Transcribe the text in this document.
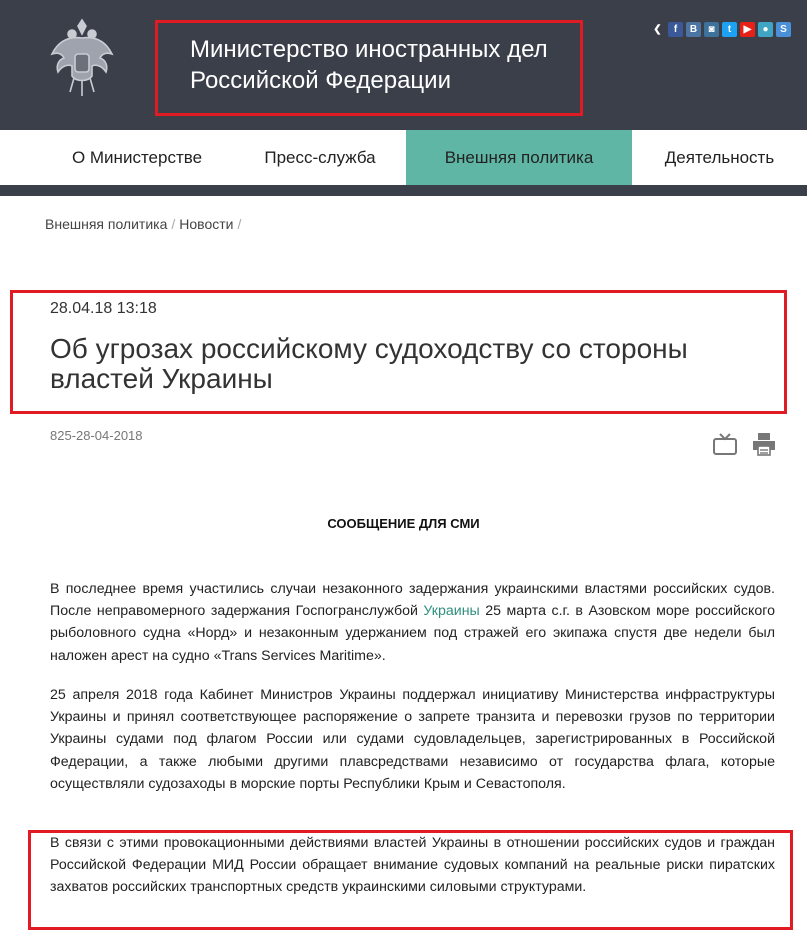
Министерство иностранных дел Российской Федерации
❮	f	B	◙	t	▶	●	S
О Министерстве	Пресс-служба	Внешняя политика	Деятельность
Внешняя политика / Новости /
28.04.18 13:18
Об угрозах российскому судоходству со стороны властей Украины
825-28-04-2018
СООБЩЕНИЕ ДЛЯ СМИ
В последнее время участились случаи незаконного задержания украинскими властями российских судов. После неправомерного задержания Госпогранслужбой Украины 25 марта с.г. в Азовском море российского рыболовного судна «Норд» и незаконным удержанием под стражей его экипажа спустя две недели был наложен арест на судно «Trans Services Maritime».
25 апреля 2018 года Кабинет Министров Украины поддержал инициативу Министерства инфраструктуры Украины и принял соответствующее распоряжение о запрете транзита и перевозки грузов по территории Украины судами под флагом России или судами судовладельцев, зарегистрированных в Российской Федерации, а также любыми другими плавсредствами независимо от государства флага, которые осуществляли судозаходы в морские порты Республики Крым и Севастополя.
В связи с этими провокационными действиями властей Украины в отношении российских судов и граждан Российской Федерации МИД России обращает внимание судовых компаний на реальные риски пиратских захватов российских транспортных средств украинскими силовыми структурами.
